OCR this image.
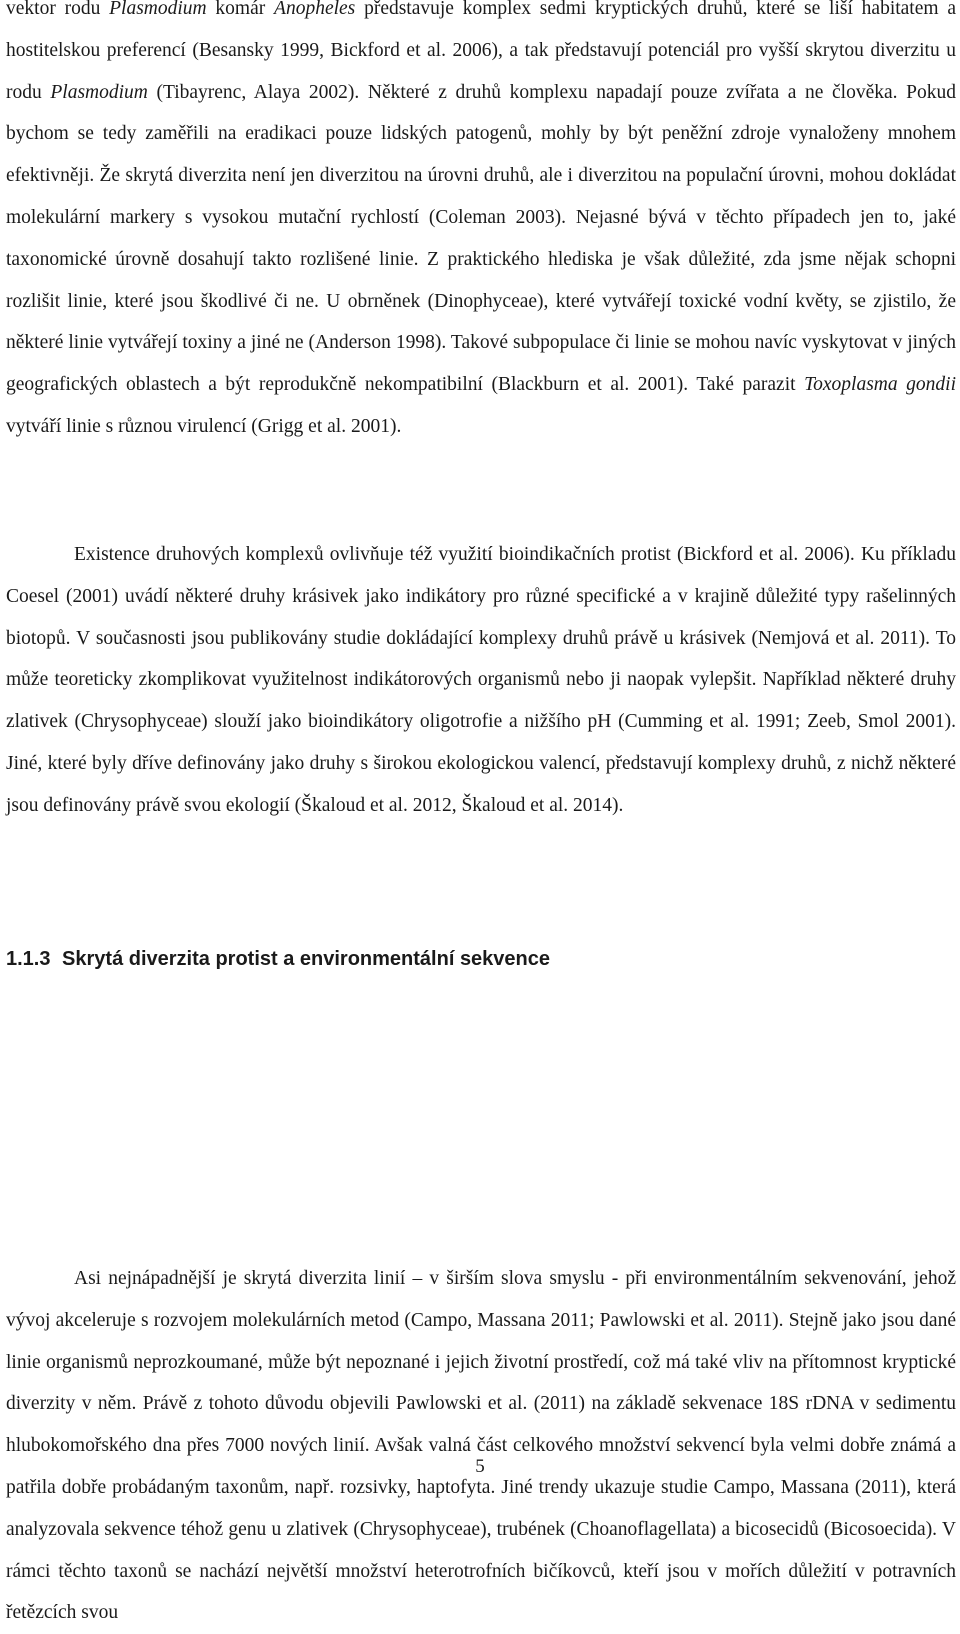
vektor rodu Plasmodium komár Anopheles představuje komplex sedmi kryptických druhů, které se liší habitatem a hostitelskou preferencí (Besansky 1999, Bickford et al. 2006), a tak představují potenciál pro vyšší skrytou diverzitu u rodu Plasmodium (Tibayrenc, Alaya 2002). Některé z druhů komplexu napadají pouze zvířata a ne člověka. Pokud bychom se tedy zaměřili na eradikaci pouze lidských patogenů, mohly by být peněžní zdroje vynaloženy mnohem efektivněji. Že skrytá diverzita není jen diverzitou na úrovni druhů, ale i diverzitou na populační úrovni, mohou dokládat molekulární markery s vysokou mutační rychlostí (Coleman 2003). Nejasné bývá v těchto případech jen to, jaké taxonomické úrovně dosahují takto rozlišené linie. Z praktického hlediska je však důležité, zda jsme nějak schopni rozlišit linie, které jsou škodlivé či ne. U obrněnek (Dinophyceae), které vytvářejí toxické vodní květy, se zjistilo, že některé linie vytvářejí toxiny a jiné ne (Anderson 1998). Takové subpopulace či linie se mohou navíc vyskytovat v jiných geografických oblastech a být reprodukčně nekompatibilní (Blackburn et al. 2001). Také parazit Toxoplasma gondii vytváří linie s různou virulencí (Grigg et al. 2001).

Existence druhových komplexů ovlivňuje též využití bioindikačních protist (Bickford et al. 2006). Ku příkladu Coesel (2001) uvádí některé druhy krásivek jako indikátory pro různé specifické a v krajině důležité typy rašelinných biotopů. V současnosti jsou publikovány studie dokládající komplexy druhů právě u krásivek (Nemjová et al. 2011). To může teoreticky zkomplikovat využitelnost indikátorových organismů nebo ji naopak vylepšit. Například některé druhy zlativek (Chrysophyceae) slouží jako bioindikátory oligotrofie a nižšího pH (Cumming et al. 1991; Zeeb, Smol 2001). Jiné, které byly dříve definovány jako druhy s širokou ekologickou valencí, představují komplexy druhů, z nichž některé jsou definovány právě svou ekologií (Škaloud et al. 2012, Škaloud et al. 2014).

1.1.3 Skrytá diverzita protist a environmentální sekvence

Asi nejnápadnější je skrytá diverzita linií – v širším slova smyslu - při environmentálním sekvenování, jehož vývoj akceleruje s rozvojem molekulárních metod (Campo, Massana 2011; Pawlowski et al. 2011). Stejně jako jsou dané linie organismů neprozkoumané, může být nepoznané i jejich životní prostředí, což má také vliv na přítomnost kryptické diverzity v něm. Právě z tohoto důvodu objevili Pawlowski et al. (2011) na základě sekvenace 18S rDNA v sedimentu hlubokomořského dna přes 7000 nových linií. Avšak valná část celkového množství sekvencí byla velmi dobře známá a patřila dobře probádaným taxonům, např. rozsivky, haptofyta. Jiné trendy ukazuje studie Campo, Massana (2011), která analyzovala sekvence téhož genu u zlativek (Chrysophyceae), trubének (Choanoflagellata) a bicosecidů (Bicosoecida). V rámci těchto taxonů se nachází největší množství heterotrofních bičíkovců, kteří jsou v mořích důležití v potravních řetězcích svou

5
